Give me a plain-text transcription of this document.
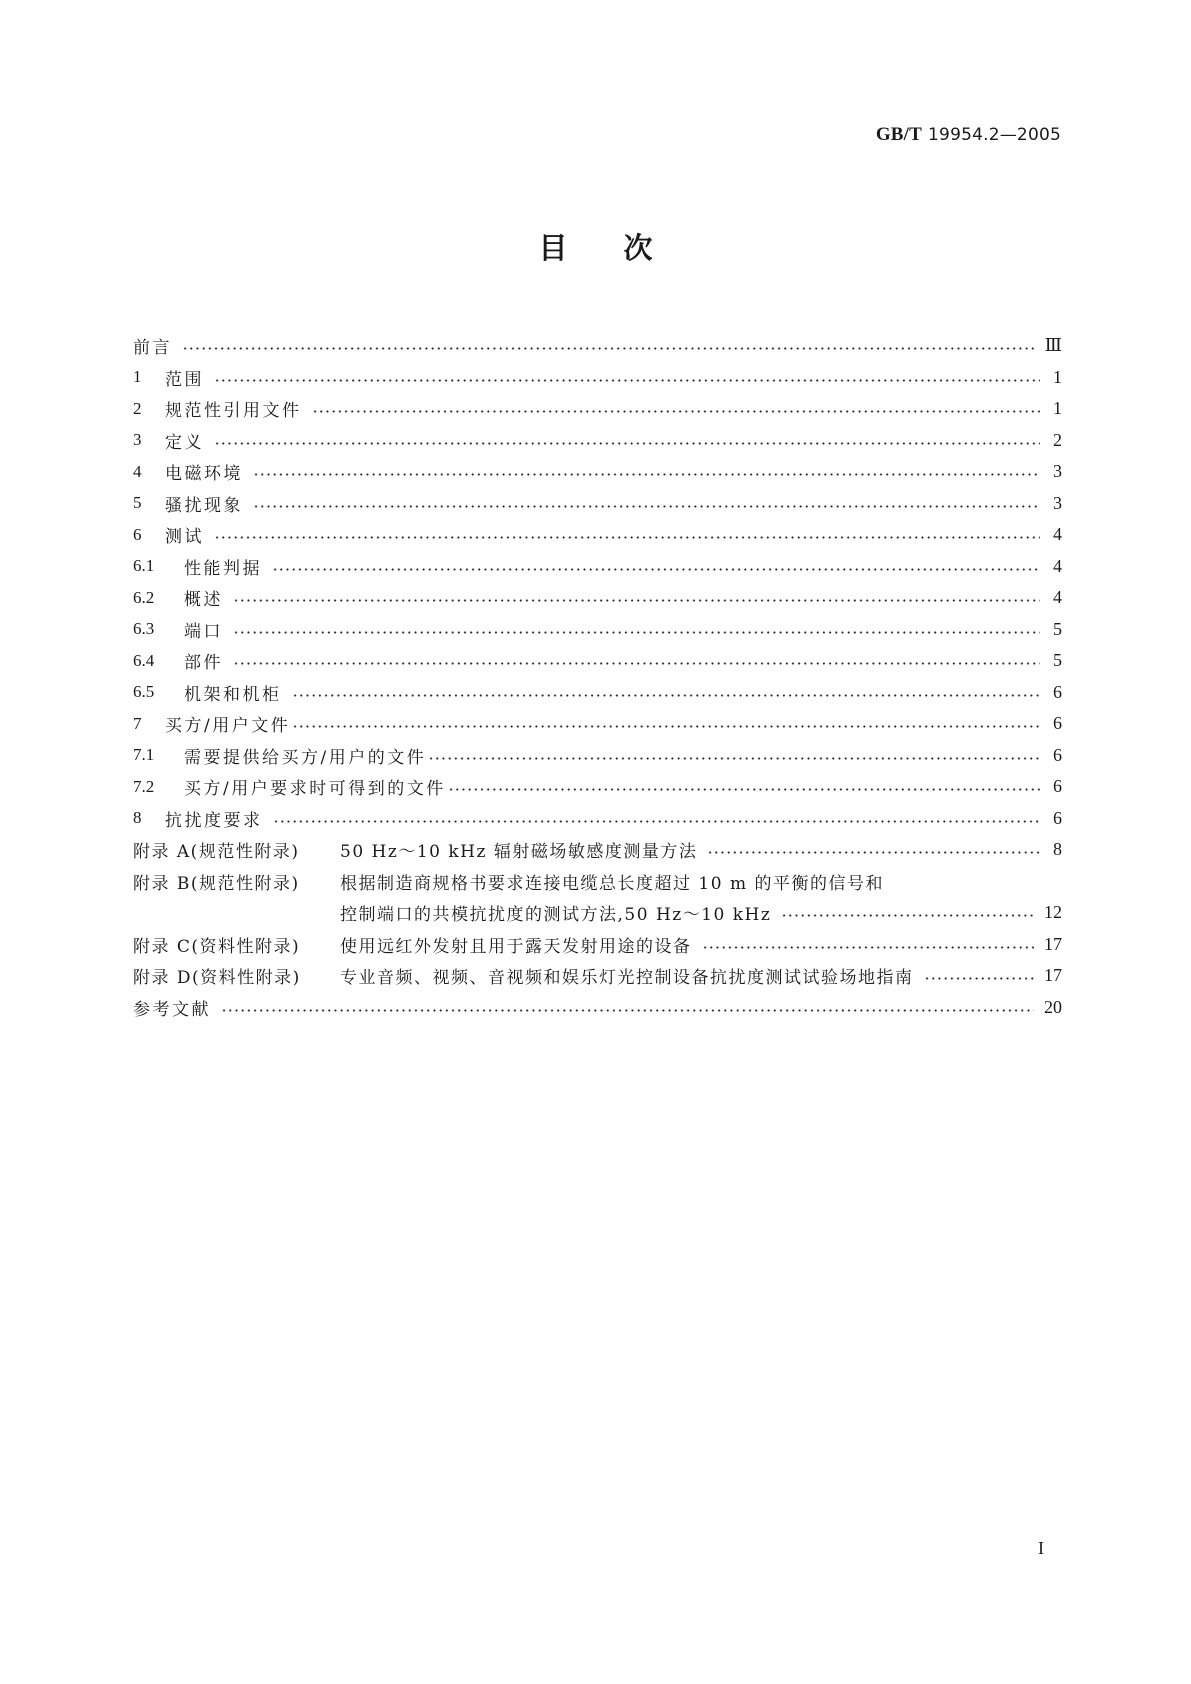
GB/T 19954.2—2005
目次
前言	Ⅲ
1	范围	1
2	规范性引用文件	1
3	定义	2
4	电磁环境	3
5	骚扰现象	3
6	测试	4
6.1	性能判据	4
6.2	概述	4
6.3	端口	5
6.4	部件	5
6.5	机架和机柜	6
7	买方/用户文件	6
7.1	需要提供给买方/用户的文件	6
7.2	买方/用户要求时可得到的文件	6
8	抗扰度要求	6
附录 A(规范性附录)	50 Hz～10 kHz 辐射磁场敏感度测量方法	8
附录 B(规范性附录)	根据制造商规格书要求连接电缆总长度超过 10 m 的平衡的信号和
控制端口的共模抗扰度的测试方法,50 Hz～10 kHz	12
附录 C(资料性附录)	使用远红外发射且用于露天发射用途的设备	17
附录 D(资料性附录)	专业音频、视频、音视频和娱乐灯光控制设备抗扰度测试试验场地指南	17
参考文献	20
I
